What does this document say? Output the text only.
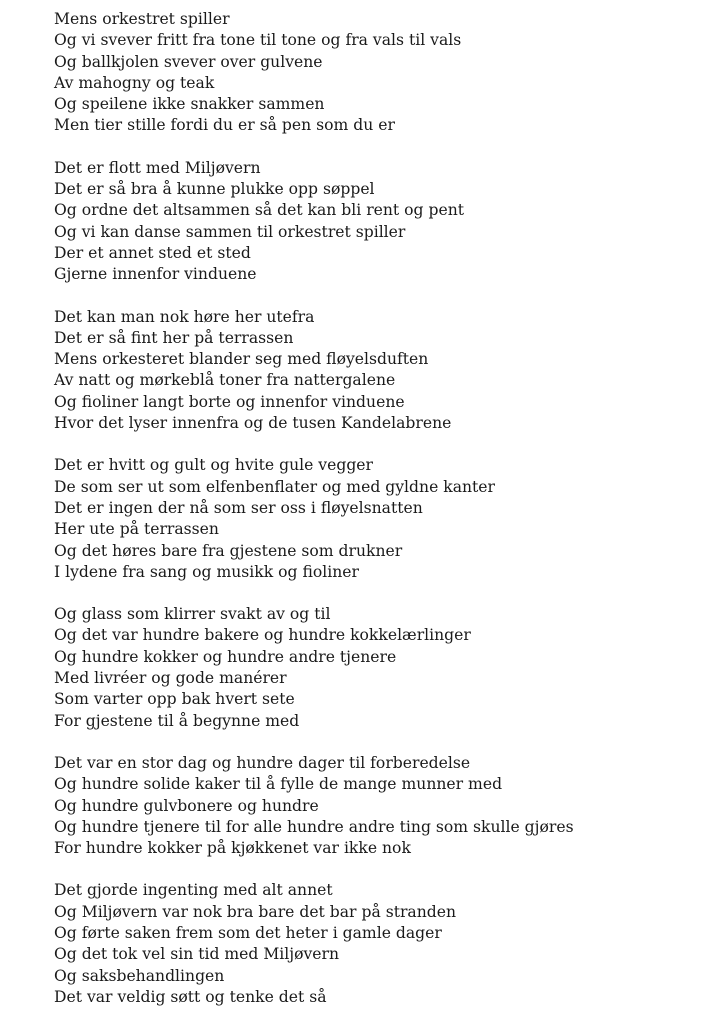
Mens orkestret spiller
Og vi svever fritt fra tone til tone og fra vals til vals
Og ballkjolen svever over gulvene
Av mahogny og teak
Og speilene ikke snakker sammen
Men tier stille fordi du er så pen som du er
Det er flott med Miljøvern
Det er så bra å kunne plukke opp søppel
Og ordne det altsammen så det kan bli rent og pent
Og vi kan danse sammen til orkestret spiller
Der et annet sted et sted
Gjerne innenfor vinduene
Det kan man nok høre her utefra
Det er så fint her på terrassen
Mens orkesteret blander seg med fløyelsduften
Av natt og mørkeblå toner fra nattergalene
Og fioliner langt borte og innenfor vinduene
Hvor det lyser innenfra og de tusen Kandelabrene
Det er hvitt og gult og hvite gule vegger
De som ser ut som elfenbenflater og med gyldne kanter
Det er ingen der nå som ser oss i fløyelsnatten
Her ute på terrassen
Og det høres bare fra gjestene som drukner
I lydene fra sang og musikk og fioliner
Og glass som klirrer svakt av og til
Og det var hundre bakere og hundre kokkelærlinger
Og hundre kokker og hundre andre tjenere
Med livréer og gode manérer
Som varter opp bak hvert sete
For gjestene til å begynne med
Det var en stor dag og hundre dager til forberedelse
Og hundre solide kaker til å fylle de mange munner med
Og hundre gulvbonere og hundre
Og hundre tjenere til for alle hundre andre ting som skulle gjøres
For hundre kokker på kjøkkenet var ikke nok
Det gjorde ingenting med alt annet
Og Miljøvern var nok bra bare det bar på stranden
Og førte saken frem som det heter i gamle dager
Og det tok vel sin tid med Miljøvern
Og saksbehandlingen
Det var veldig søtt og tenke det så
